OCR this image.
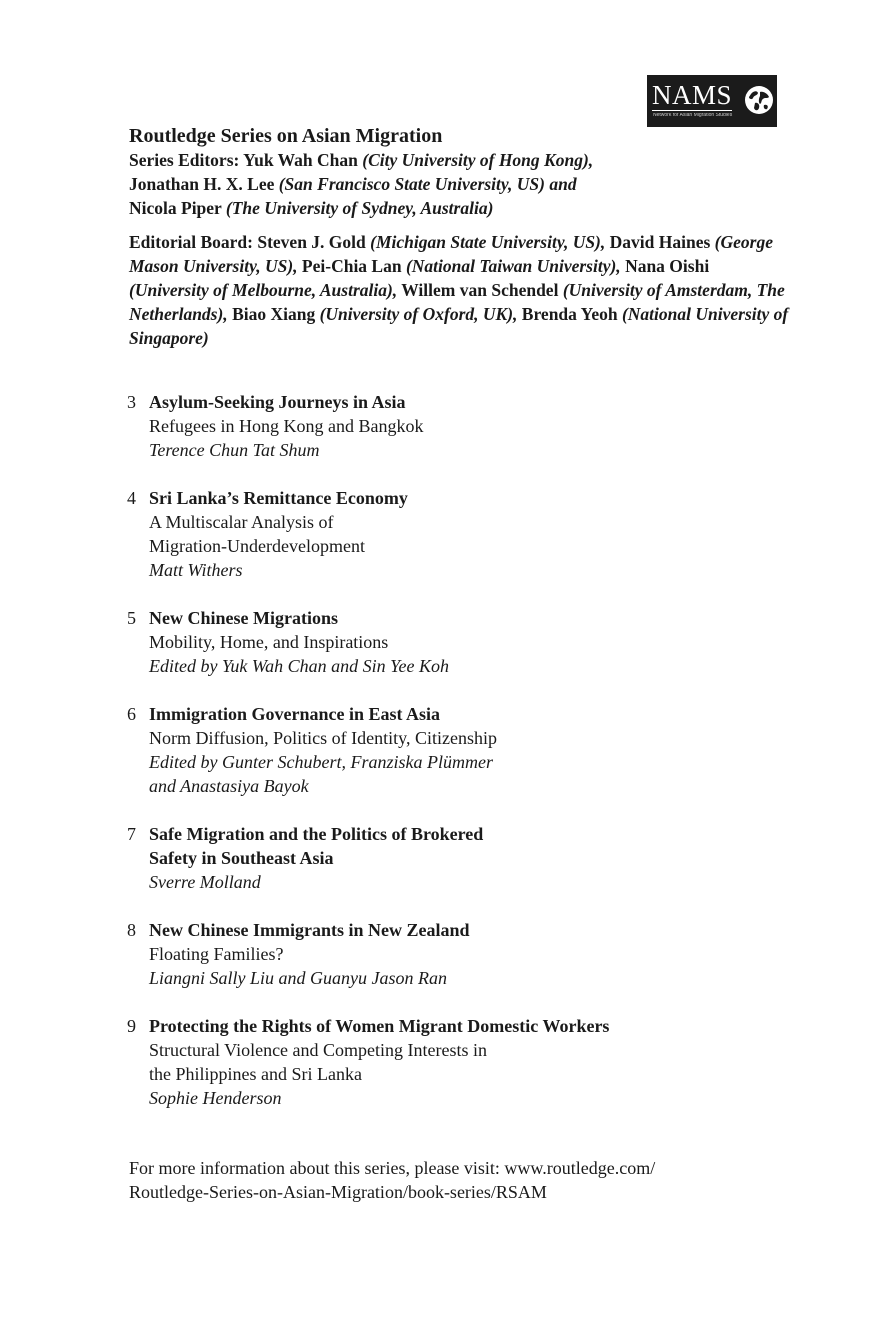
NAMS
Network for Asian Migration Studies

Routledge Series on Asian Migration

Series Editors: Yuk Wah Chan (City University of Hong Kong),
Jonathan H. X. Lee (San Francisco State University, US) and
Nicola Piper (The University of Sydney, Australia)

Editorial Board: Steven J. Gold (Michigan State University, US), David Haines (George Mason University, US), Pei-Chia Lan (National Taiwan University), Nana Oishi (University of Melbourne, Australia), Willem van Schendel (University of Amsterdam, The Netherlands), Biao Xiang (University of Oxford, UK), Brenda Yeoh (National University of Singapore)

3 Asylum-Seeking Journeys in Asia
Refugees in Hong Kong and Bangkok
Terence Chun Tat Shum
4 Sri Lanka’s Remittance Economy
A Multiscalar Analysis of
Migration-Underdevelopment
Matt Withers
5 New Chinese Migrations
Mobility, Home, and Inspirations
Edited by Yuk Wah Chan and Sin Yee Koh
6 Immigration Governance in East Asia
Norm Diffusion, Politics of Identity, Citizenship
Edited by Gunter Schubert, Franziska Plümmer
and Anastasiya Bayok
7 Safe Migration and the Politics of Brokered
Safety in Southeast Asia
Sverre Molland
8 New Chinese Immigrants in New Zealand
Floating Families?
Liangni Sally Liu and Guanyu Jason Ran
9 Protecting the Rights of Women Migrant Domestic Workers
Structural Violence and Competing Interests in
the Philippines and Sri Lanka
Sophie Henderson
For more information about this series, please visit: www.routledge.com/
Routledge-Series-on-Asian-Migration/book-series/RSAM
